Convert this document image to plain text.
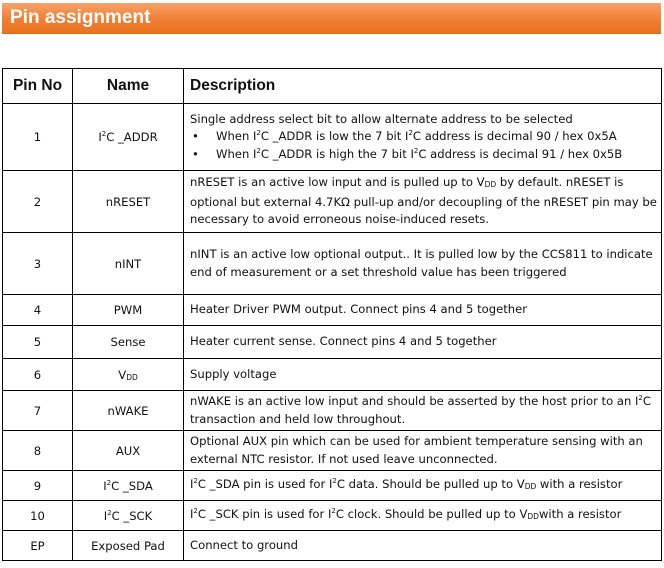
Pin assignment
Pin No	Name	Description
1	$I^2C$ _ADDR	Single address select bit to allow alternate address to be selected
• When $I^2C$ _ADDR is low the 7 bit $I^2C$ address is decimal 90 / hex 0x5A
• When $I^2C$ _ADDR is high the 7 bit $I^2C$ address is decimal 91 / hex 0x5B

2	nRESET	nRESET is an active low input and is pulled up to VDD by default. nRESET is optional but external 4.7KΩ pull-up and/or decoupling of the nRESET pin may be necessary to avoid erroneous noise-induced resets.
3	nINT	nINT is an active low optional output.. It is pulled low by the CCS811 to indicate end of measurement or a set threshold value has been triggered
4	PWM	Heater Driver PWM output. Connect pins 4 and 5 together
5	Sense	Heater current sense. Connect pins 4 and 5 together
6	VDD	Supply voltage
7	nWAKE	nWAKE is an active low input and should be asserted by the host prior to an $I^2C$ transaction and held low throughout.
8	AUX	Optional AUX pin which can be used for ambient temperature sensing with an external NTC resistor. If not used leave unconnected.
9	$I^2C$ _SDA	$I^2C$ _SDA pin is used for $I^2C$ data. Should be pulled up to VDD with a resistor
10	$I^2C$ _SCK	$I^2C$ _SCK pin is used for $I^2C$ clock. Should be pulled up to VDDwith a resistor
EP	Exposed Pad	Connect to ground
